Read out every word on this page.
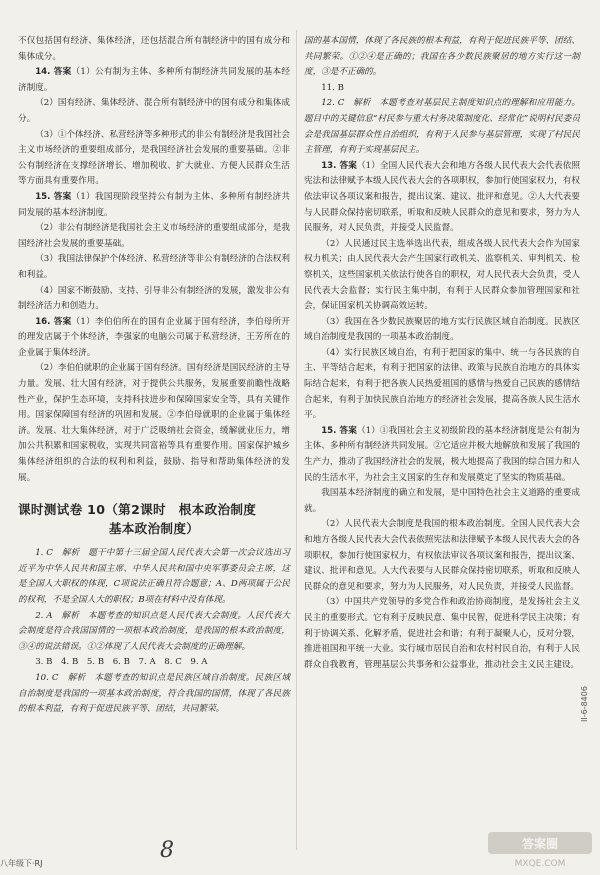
不仅包括国有经济、集体经济，还包括混合所有制经济中的国有成分和集体成分。

14. 答案（1）公有制为主体、多种所有制经济共同发展的基本经济制度。

（2）国有经济、集体经济、混合所有制经济中的国有成分和集体成分。

（3）①个体经济、私营经济等多种形式的非公有制经济是我国社会主义市场经济的重要组成部分，是我国经济社会发展的重要基础。②非公有制经济在支撑经济增长、增加税收、扩大就业、方便人民群众生活等方面具有重要作用。

15. 答案（1）我国现阶段坚持公有制为主体、多种所有制经济共同发展的基本经济制度。

（2）非公有制经济是我国社会主义市场经济的重要组成部分，是我国经济社会发展的重要基础。

（3）我国法律保护个体经济、私营经济等非公有制经济的合法权利和利益。

（4）国家不断鼓励、支持、引导非公有制经济的发展，激发非公有制经济活力和创造力。

16. 答案（1）李伯伯所在的国有企业属于国有经济，李伯母所开的理发店属于个体经济，李强家的电脑公司属于私营经济，王芳所在的企业属于集体经济。

（2）李伯伯就职的企业属于国有经济。国有经济是国民经济的主导力量。发展、壮大国有经济，对于提供公共服务，发展重要前瞻性战略性产业，保护生态环境，支持科技进步和保障国家安全等，具有关键作用。国家保障国有经济的巩固和发展。②李伯母就职的企业属于集体经济。发展、壮大集体经济，对于广泛吸纳社会资金，缓解就业压力，增加公共积累和国家税收，实现共同富裕等具有重要作用。国家保护城乡集体经济组织的合法的权利和利益，鼓励、指导和帮助集体经济的发展。

课时测试卷 10（第2课时　根本政治制度
基本政治制度）

1. C　解析　题干中第十三届全国人民代表大会第一次会议选出习近平为中华人民共和国主席、中华人民共和国中央军事委员会主席，这是全国人大职权的体现，C项说法正确且符合题意；A、D两项属于公民的权利，不是全国人大的职权；B项在材料中没有体现。

2. A　解析　本题考查的知识点是人民代表大会制度。人民代表大会制度是符合我国国情的一项根本政治制度，是我国的根本政治制度，③④的说法错误。①②体现了人民代表大会制度的正确理解。

3. B　4. B　5. B　6. B　7. A　8. C　9. A

10. C　解析　本题考查的知识点是民族区域自治制度。民族区域自治制度是我国的一项基本政治制度，符合我国的国情，体现了各民族的根本利益，有利于促进民族平等、团结，共同繁荣。

国的基本国情，体现了各民族的根本利益，有利于促进民族平等、团结、共同繁荣。①②④是正确的；我国在各少数民族聚居的地方实行这一制度，③是不正确的。

11. B

12. C　解析　本题考查对基层民主制度知识点的理解和应用能力。题目中的关键信息“村民参与重大村务决策制度化、经常化”说明村民委员会是我国基层群众性自治组织，有利于人民参与基层管理，实现了村民民主管理，有利于实现基层民主。

13. 答案（1）全国人民代表大会和地方各级人民代表大会代表依照宪法和法律赋予本级人民代表大会的各项职权，参加行使国家权力，有权依法审议各项议案和报告，提出议案、建议、批评和意见。②人大代表要与人民群众保持密切联系，听取和反映人民群众的意见和要求，努力为人民服务，对人民负责，并接受人民监督。

（2）人民通过民主选举选出代表，组成各级人民代表大会作为国家权力机关；由人民代表大会产生国家行政机关、监察机关、审判机关、检察机关，这些国家机关依法行使各自的职权，对人民代表大会负责，受人民代表大会监督；实行民主集中制，有利于人民群众参加管理国家和社会，保证国家机关协调高效运转。

（3）我国在各少数民族聚居的地方实行民族区域自治制度。民族区域自治制度是我国的一项基本政治制度。

（4）实行民族区域自治，有利于把国家的集中、统一与各民族的自主、平等结合起来，有利于把国家的法律、政策与民族自治地方的具体实际结合起来，有利于把各族人民热爱祖国的感情与热爱自己民族的感情结合起来，有利于加快民族自治地方的经济社会发展，提高各族人民生活水平。

15. 答案（1）①我国社会主义初级阶段的基本经济制度是公有制为主体、多种所有制经济共同发展。②它适应并极大地解放和发展了我国的生产力，推动了我国经济社会的发展，极大地提高了我国的综合国力和人民的生活水平，为社会主义国家的生存和发展奠定了坚实的物质基础。

我国基本经济制度的确立和发展，是中国特色社会主义道路的重要成就。

（2）人民代表大会制度是我国的根本政治制度。全国人民代表大会和地方各级人民代表大会代表依照宪法和法律赋予本级人民代表大会的各项职权，参加行使国家权力，有权依法审议各项议案和报告，提出议案、建议、批评和意见。人大代表要与人民群众保持密切联系，听取和反映人民群众的意见和要求，努力为人民服务，对人民负责，并接受人民监督。

（3）中国共产党领导的多党合作和政治协商制度，是发扬社会主义民主的重要形式。它有利于反映民意、集中民智，促进科学民主决策；有利于协调关系、化解矛盾，促进社会和谐；有利于凝聚人心，反对分裂，推进祖国和平统一大业。实行城市居民自治和农村村民自治，有利于人民群众自我教育，管理基层公共事务和公益事业，推动社会主义民主建设。

II-6-8406
八年级下·RJ
8	答案圈
MXQE.COM
